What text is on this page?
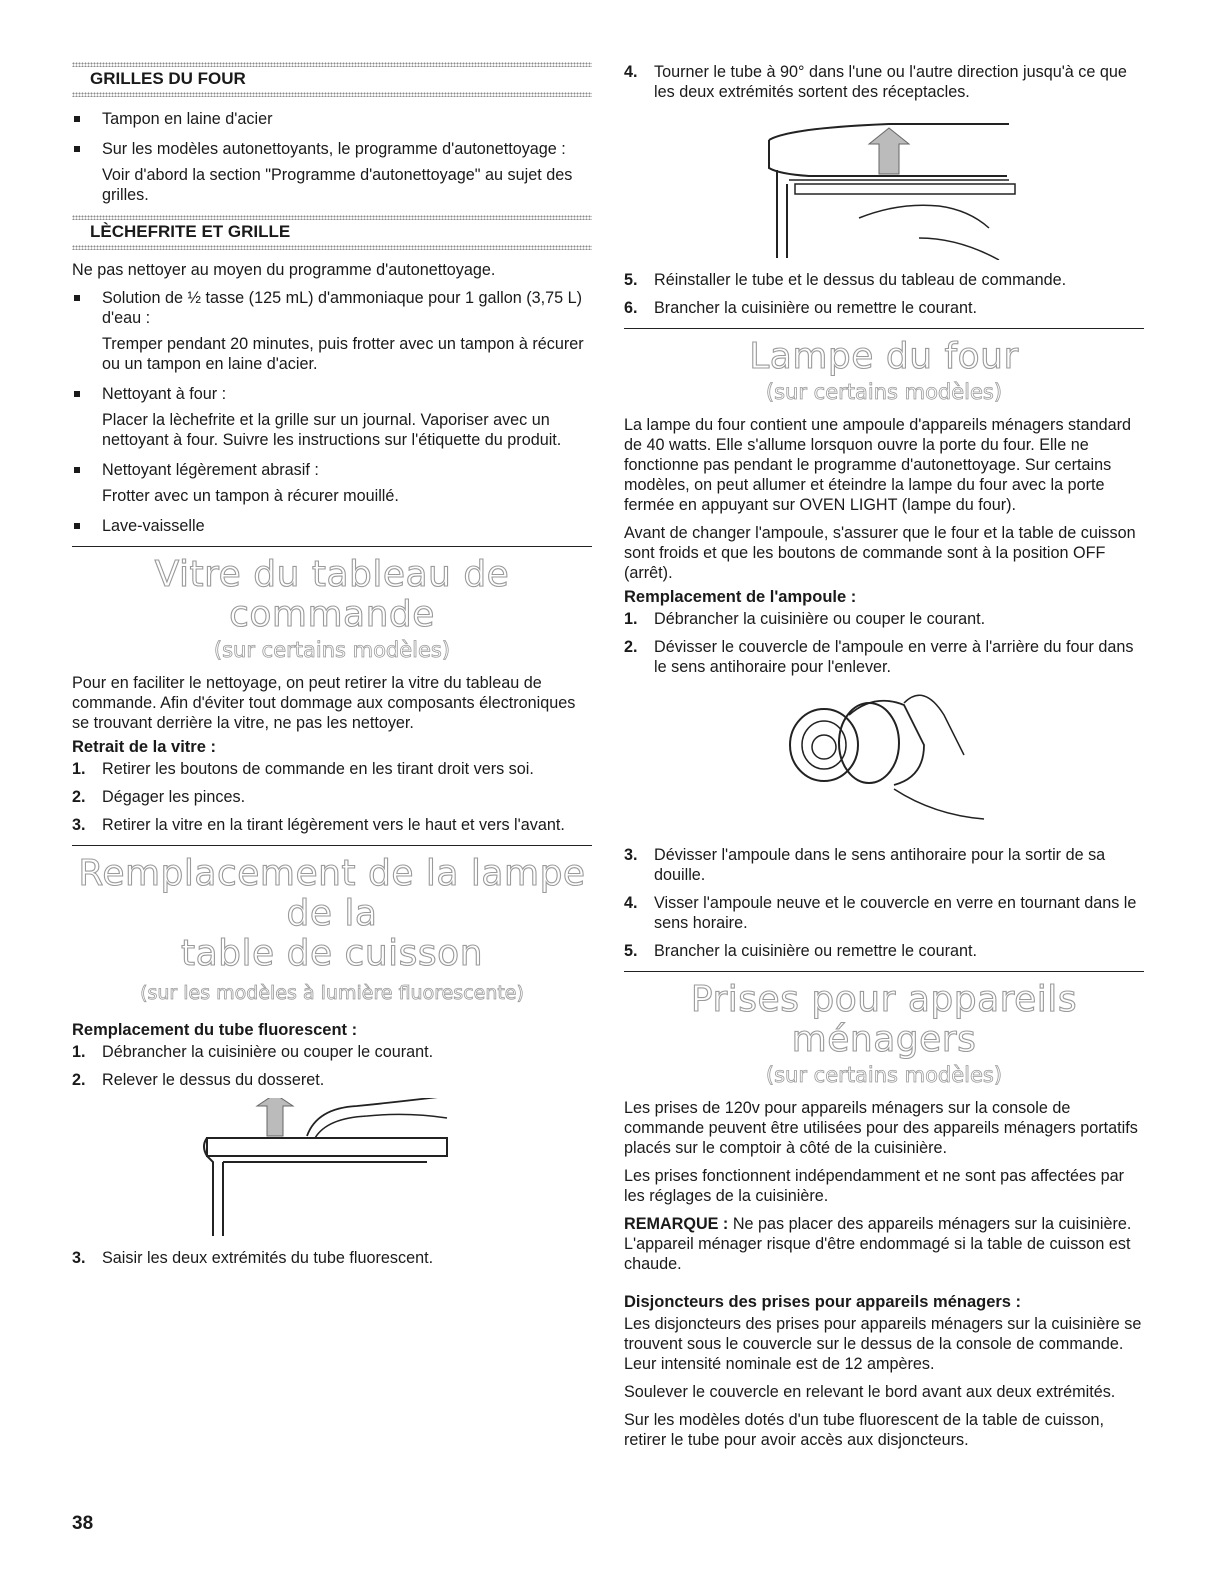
GRILLES DU FOUR

Tampon en laine d'acier

Sur les modèles autonettoyants, le programme d'autonettoyage :

Voir d'abord la section "Programme d'autonettoyage" au sujet des grilles.

LÈCHEFRITE ET GRILLE

Ne pas nettoyer au moyen du programme d'autonettoyage.

Solution de ½ tasse (125 mL) d'ammoniaque pour 1 gallon (3,75 L) d'eau :

Tremper pendant 20 minutes, puis frotter avec un tampon à récurer ou un tampon en laine d'acier.

Nettoyant à four :

Placer la lèchefrite et la grille sur un journal. Vaporiser avec un nettoyant à four. Suivre les instructions sur l'étiquette du produit.

Nettoyant légèrement abrasif :

Frotter avec un tampon à récurer mouillé.

Lave-vaisselle

Vitre du tableau de commande
(sur certains modèles)

Pour en faciliter le nettoyage, on peut retirer la vitre du tableau de commande. Afin d'éviter tout dommage aux composants électroniques se trouvant derrière la vitre, ne pas les nettoyer.

Retrait de la vitre :
1. Retirer les boutons de commande en les tirant droit vers soi.
2. Dégager les pinces.
3. Retirer la vitre en la tirant légèrement vers le haut et vers l'avant.
Remplacement de la lampe de la
table de cuisson
(sur les modèles à lumière fluorescente)
Remplacement du tube fluorescent :
1. Débrancher la cuisinière ou couper le courant.
2. Relever le dessus du dosseret.
3. Saisir les deux extrémités du tube fluorescent.
4. Tourner le tube à 90° dans l'une ou l'autre direction jusqu'à ce que les deux extrémités sortent des réceptacles.
5. Réinstaller le tube et le dessus du tableau de commande.
6. Brancher la cuisinière ou remettre le courant.
Lampe du four
(sur certains modèles)

La lampe du four contient une ampoule d'appareils ménagers standard de 40 watts. Elle s'allume lorsquon ouvre la porte du four. Elle ne fonctionne pas pendant le programme d'autonettoyage. Sur certains modèles, on peut allumer et éteindre la lampe du four avec la porte fermée en appuyant sur OVEN LIGHT (lampe du four).

Avant de changer l'ampoule, s'assurer que le four et la table de cuisson sont froids et que les boutons de commande sont à la position OFF (arrêt).

Remplacement de l'ampoule :
1. Débrancher la cuisinière ou couper le courant.
2. Dévisser le couvercle de l'ampoule en verre à l'arrière du four dans le sens antihoraire pour l'enlever.
3. Dévisser l'ampoule dans le sens antihoraire pour la sortir de sa douille.
4. Visser l'ampoule neuve et le couvercle en verre en tournant dans le sens horaire.
5. Brancher la cuisinière ou remettre le courant.
Prises pour appareils ménagers
(sur certains modèles)

Les prises de 120v pour appareils ménagers sur la console de commande peuvent être utilisées pour des appareils ménagers portatifs placés sur le comptoir à côté de la cuisinière.

Les prises fonctionnent indépendamment et ne sont pas affectées par les réglages de la cuisinière.

REMARQUE : Ne pas placer des appareils ménagers sur la cuisinière. L'appareil ménager risque d'être endommagé si la table de cuisson est chaude.

Disjoncteurs des prises pour appareils ménagers :

Les disjoncteurs des prises pour appareils ménagers sur la cuisinière se trouvent sous le couvercle sur le dessus de la console de commande. Leur intensité nominale est de 12 ampères.

Soulever le couvercle en relevant le bord avant aux deux extrémités.

Sur les modèles dotés d'un tube fluorescent de la table de cuisson, retirer le tube pour avoir accès aux disjoncteurs.

38
